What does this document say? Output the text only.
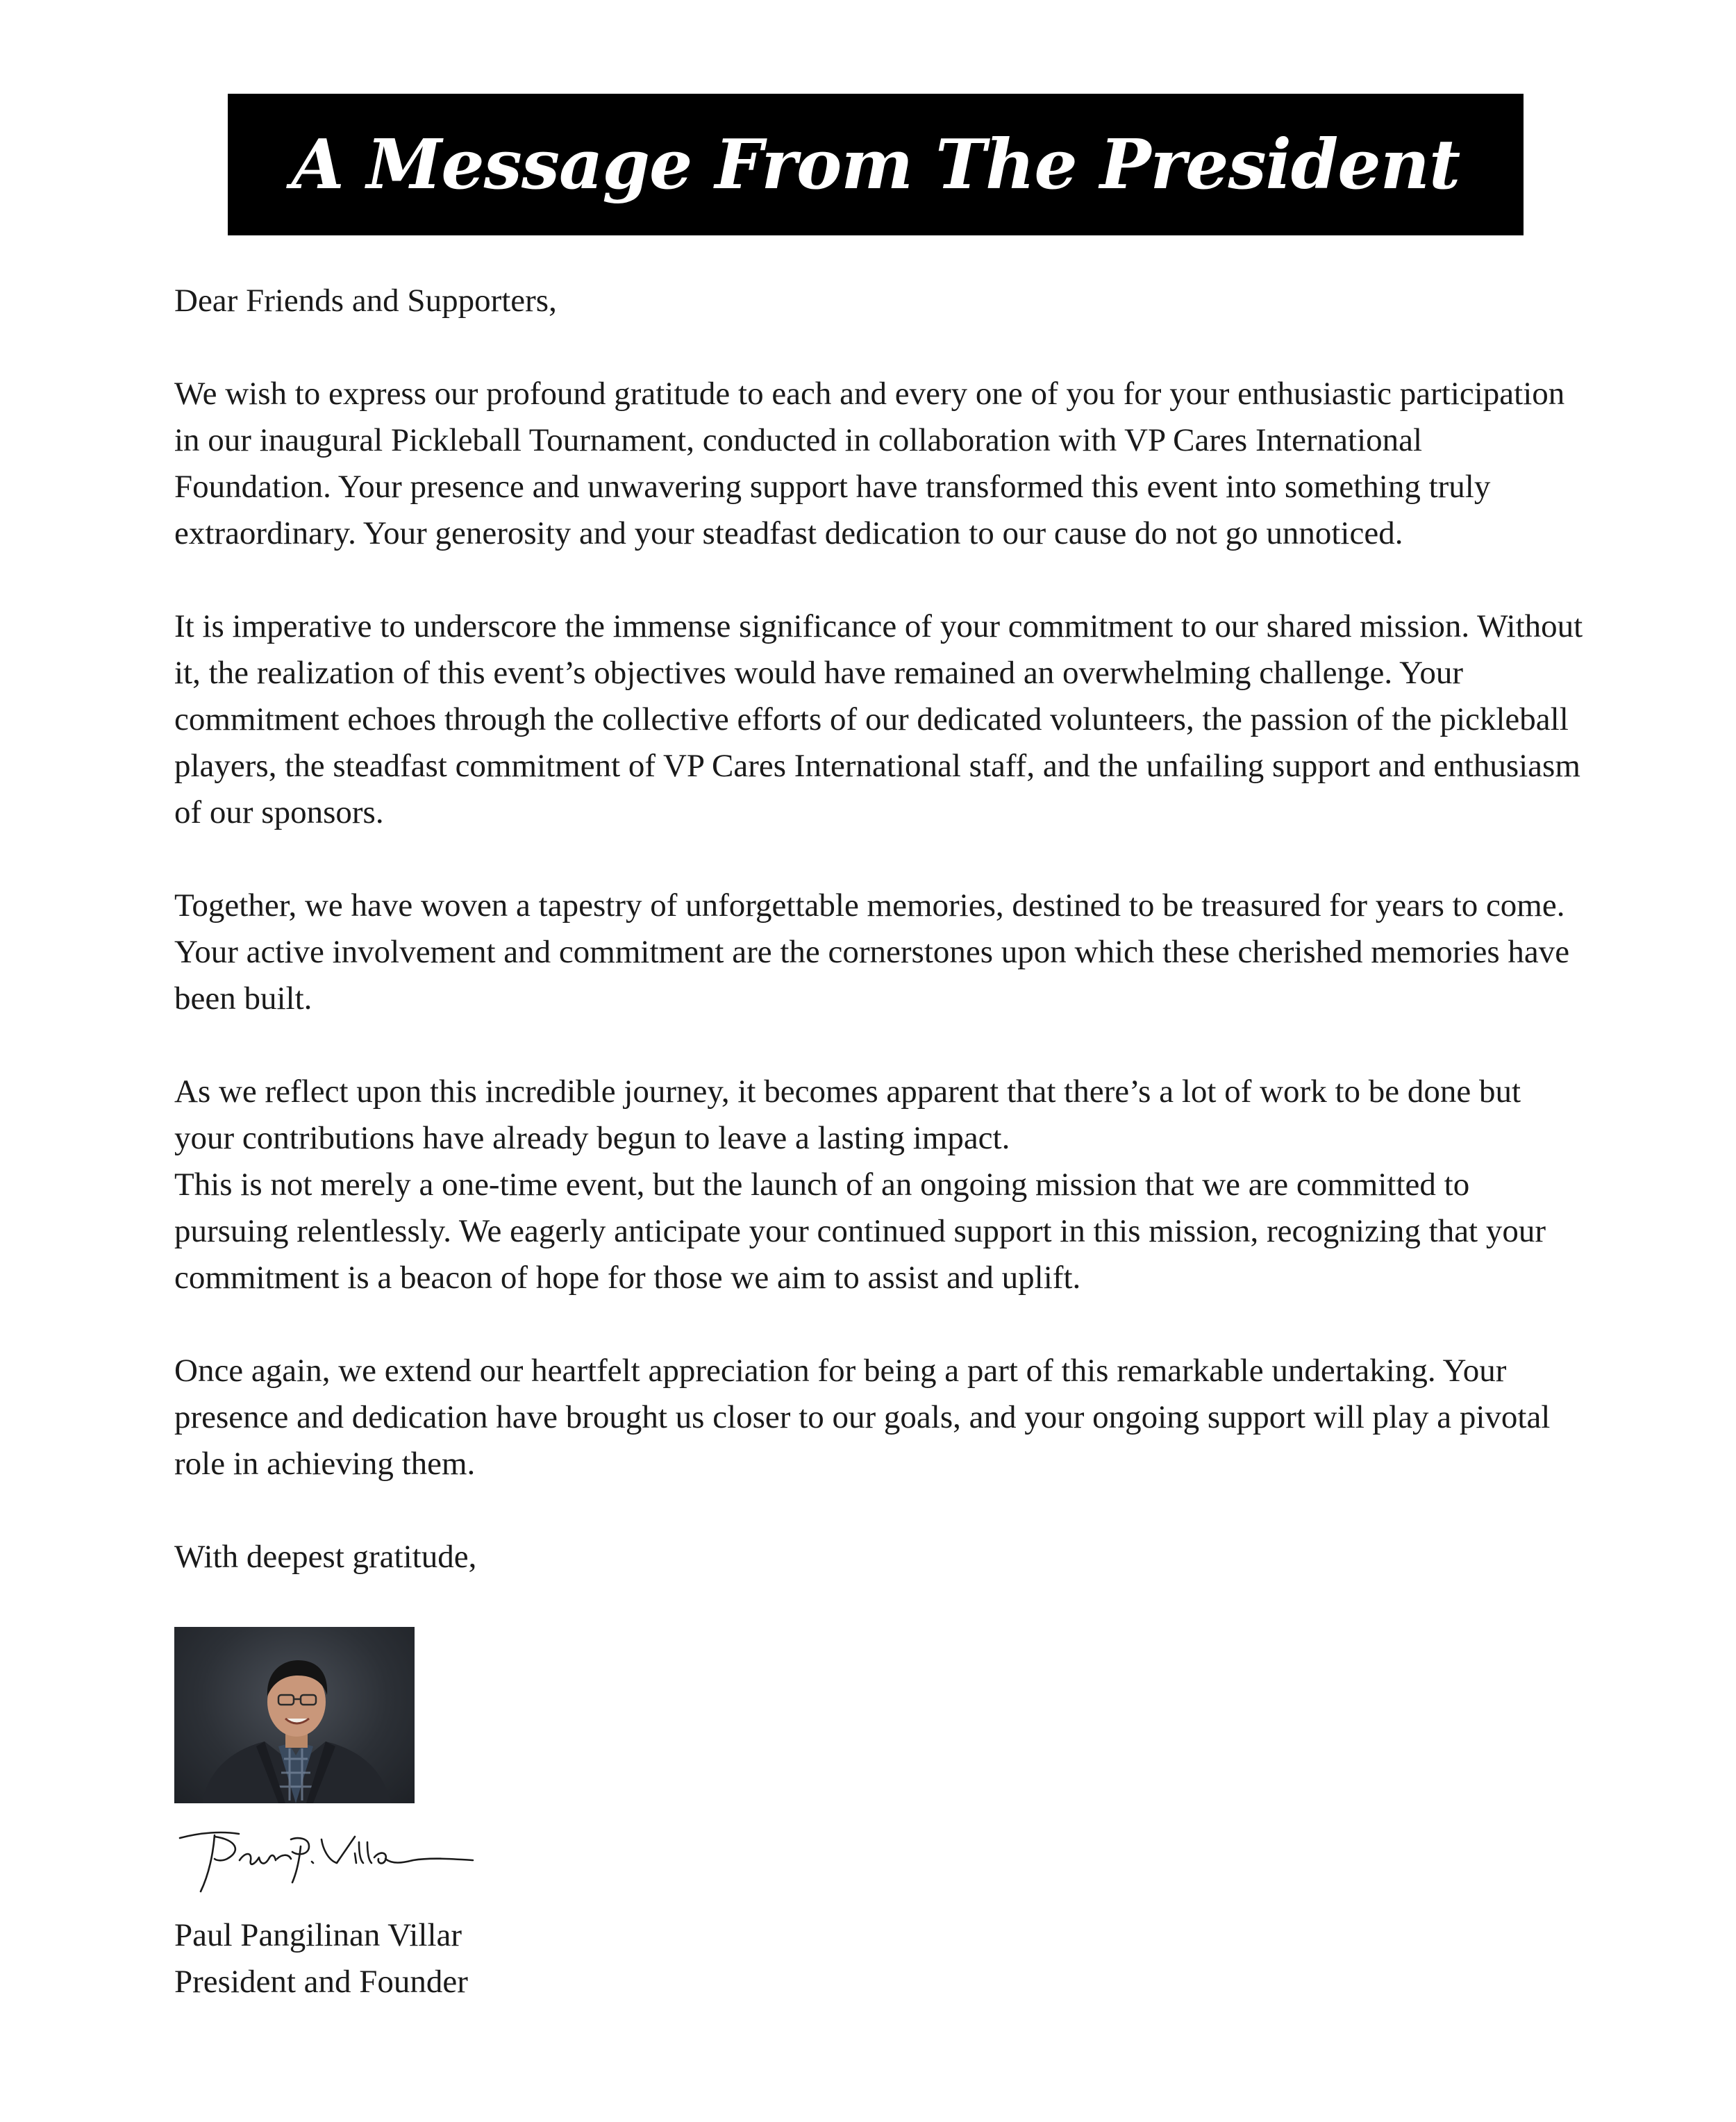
A Message From The President

Dear Friends and Supporters,

We wish to express our profound gratitude to each and every one of you for your enthusiastic participation in our inaugural Pickleball Tournament, conducted in collaboration with VP Cares International Foundation. Your presence and unwavering support have transformed this event into something truly extraordinary. Your generosity and your steadfast dedication to our cause do not go unnoticed.

It is imperative to underscore the immense significance of your commitment to our shared mission. Without it, the realization of this event’s objectives would have remained an overwhelming challenge. Your commitment echoes through the collective efforts of our dedicated volunteers, the passion of the pickleball players, the steadfast commitment of VP Cares International staff, and the unfailing support and enthusiasm of our sponsors.

Together, we have woven a tapestry of unforgettable memories, destined to be treasured for years to come. Your active involvement and commitment are the cornerstones upon which these cherished memories have been built.

As we reflect upon this incredible journey, it becomes apparent that there’s a lot of work to be done but your contributions have already begun to leave a lasting impact.

This is not merely a one-time event, but the launch of an ongoing mission that we are committed to pursuing relentlessly. We eagerly anticipate your continued support in this mission, recognizing that your commitment is a beacon of hope for those we aim to assist and uplift.

Once again, we extend our heartfelt appreciation for being a part of this remarkable undertaking. Your presence and dedication have brought us closer to our goals, and your ongoing support will play a pivotal role in achieving them.

With deepest gratitude,

Paul Pangilinan Villar
President and Founder
